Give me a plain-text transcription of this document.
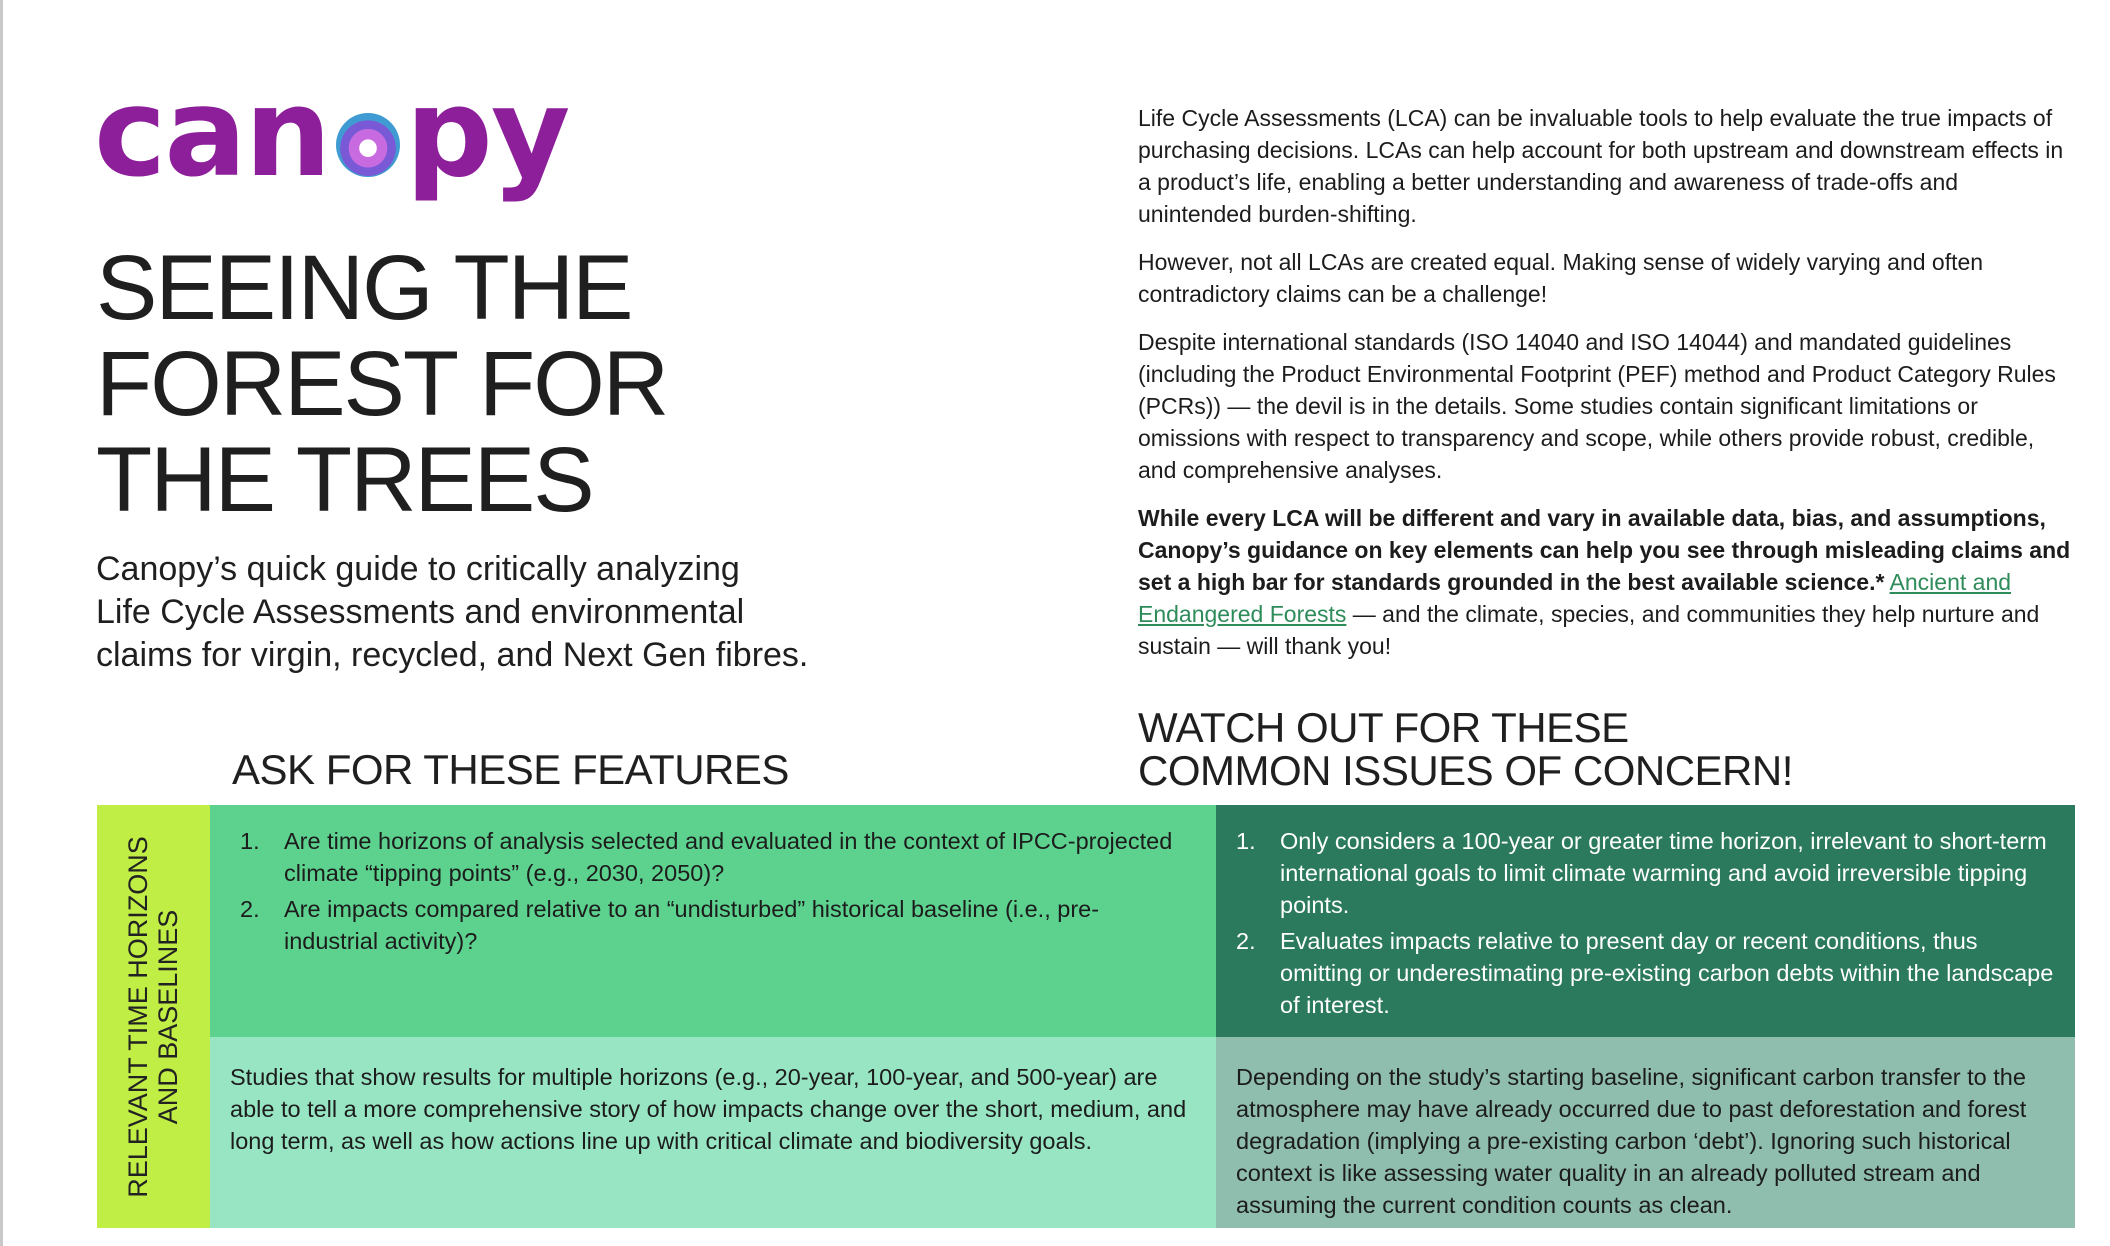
can py
SEEING THE
FOREST FOR
THE TREES
Canopy’s quick guide to critically analyzing
Life Cycle Assessments and environmental
claims for virgin, recycled, and Next Gen fibres.

Life Cycle Assessments (LCA) can be invaluable tools to help evaluate the true impacts of purchasing decisions. LCAs can help account for both upstream and downstream effects in a product’s life, enabling a better understanding and awareness of trade-offs and unintended burden-shifting.

However, not all LCAs are created equal. Making sense of widely varying and often contradictory claims can be a challenge!

Despite international standards (ISO 14040 and ISO 14044) and mandated guidelines (including the Product Environmental Footprint (PEF) method and Product Category Rules (PCRs)) — the devil is in the details. Some studies contain significant limitations or omissions with respect to transparency and scope, while others provide robust, credible, and comprehensive analyses.

While every LCA will be different and vary in available data, bias, and assumptions, Canopy’s guidance on key elements can help you see through misleading claims and set a high bar for standards grounded in the best available science.* Ancient and Endangered Forests — and the climate, species, and communities they help nurture and sustain — will thank you!

ASK FOR THESE FEATURES
WATCH OUT FOR THESE
COMMON ISSUES OF CONCERN!
RELEVANT TIME HORIZONS AND BASELINES
1. Are time horizons of analysis selected and evaluated in the context of IPCC-projected climate “tipping points” (e.g., 2030, 2050)?
2. Are impacts compared relative to an “undisturbed” historical baseline (i.e., pre-industrial activity)?

Studies that show results for multiple horizons (e.g., 20-year, 100-year, and 500-year) are able to tell a more comprehensive story of how impacts change over the short, medium, and long term, as well as how actions line up with critical climate and biodiversity goals.

1. Only considers a 100-year or greater time horizon, irrelevant to short-term international goals to limit climate warming and avoid irreversible tipping points.
2. Evaluates impacts relative to present day or recent conditions, thus omitting or underestimating pre-existing carbon debts within the landscape of interest.

Depending on the study’s starting baseline, significant carbon transfer to the atmosphere may have already occurred due to past deforestation and forest degradation (implying a pre-existing carbon ‘debt’). Ignoring such historical context is like assessing water quality in an already polluted stream and assuming the current condition counts as clean.
